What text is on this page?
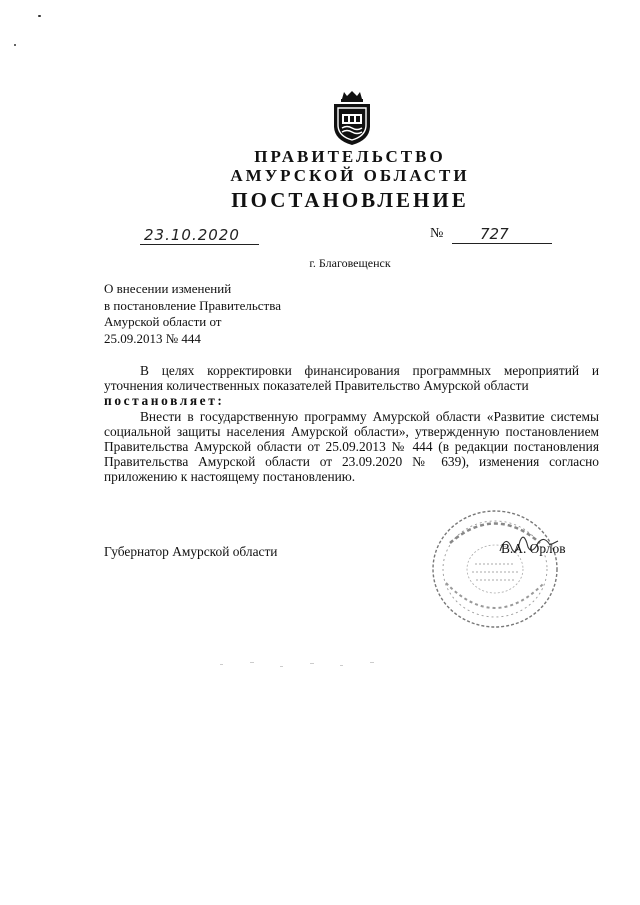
ПРАВИТЕЛЬСТВО
АМУРСКОЙ ОБЛАСТИ
ПОСТАНОВЛЕНИЕ
23.10.2020	№	727
г. Благовещенск
О внесении изменений
в постановление Правительства
Амурской области от
25.09.2013 № 444

В целях корректировки финансирования программных мероприятий и уточнения количественных показателей Правительство Амурской области

постановляет:

Внести в государственную программу Амурской области «Развитие системы социальной защиты населения Амурской области», утвержденную постановлением Правительства Амурской области от 25.09.2013 № 444 (в редакции постановления Правительства Амурской области от 23.09.2020 № 639), изменения согласно приложению к настоящему постановлению.

Губернатор Амурской области	В.А. Орлов
